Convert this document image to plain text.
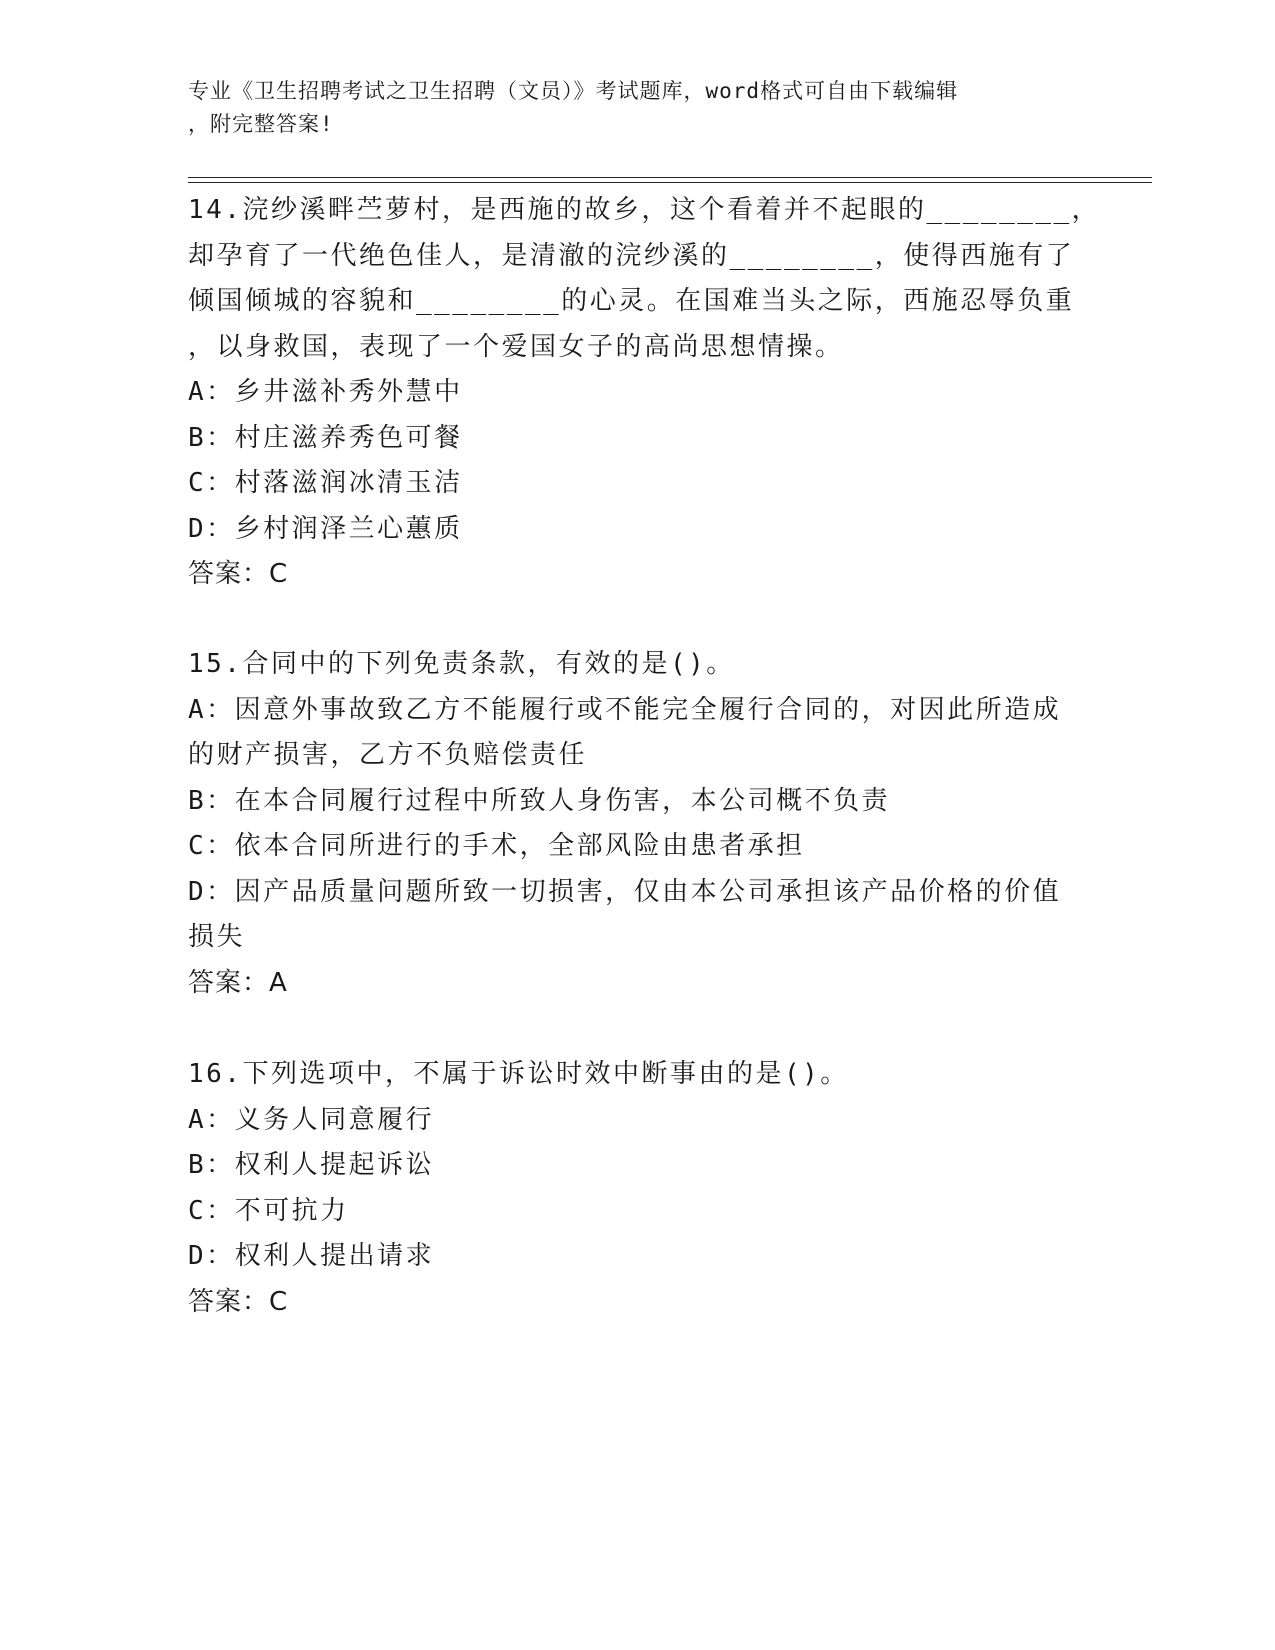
专业《卫生招聘考试之卫生招聘（文员）》考试题库，word格式可自由下载编辑
，附完整答案!
14.浣纱溪畔苎萝村，是西施的故乡，这个看着并不起眼的________，
却孕育了一代绝色佳人，是清澈的浣纱溪的________，使得西施有了
倾国倾城的容貌和________的心灵。在国难当头之际，西施忍辱负重
，以身救国，表现了一个爱国女子的高尚思想情操。
A：乡井滋补秀外慧中
B：村庄滋养秀色可餐
C：村落滋润冰清玉洁
D：乡村润泽兰心蕙质
答案：C
15.合同中的下列免责条款，有效的是()。
A：因意外事故致乙方不能履行或不能完全履行合同的，对因此所造成
的财产损害，乙方不负赔偿责任
B：在本合同履行过程中所致人身伤害，本公司概不负责
C：依本合同所进行的手术，全部风险由患者承担
D：因产品质量问题所致一切损害，仅由本公司承担该产品价格的价值
损失
答案：A
16.下列选项中，不属于诉讼时效中断事由的是()。
A：义务人同意履行
B：权利人提起诉讼
C：不可抗力
D：权利人提出请求
答案：C
